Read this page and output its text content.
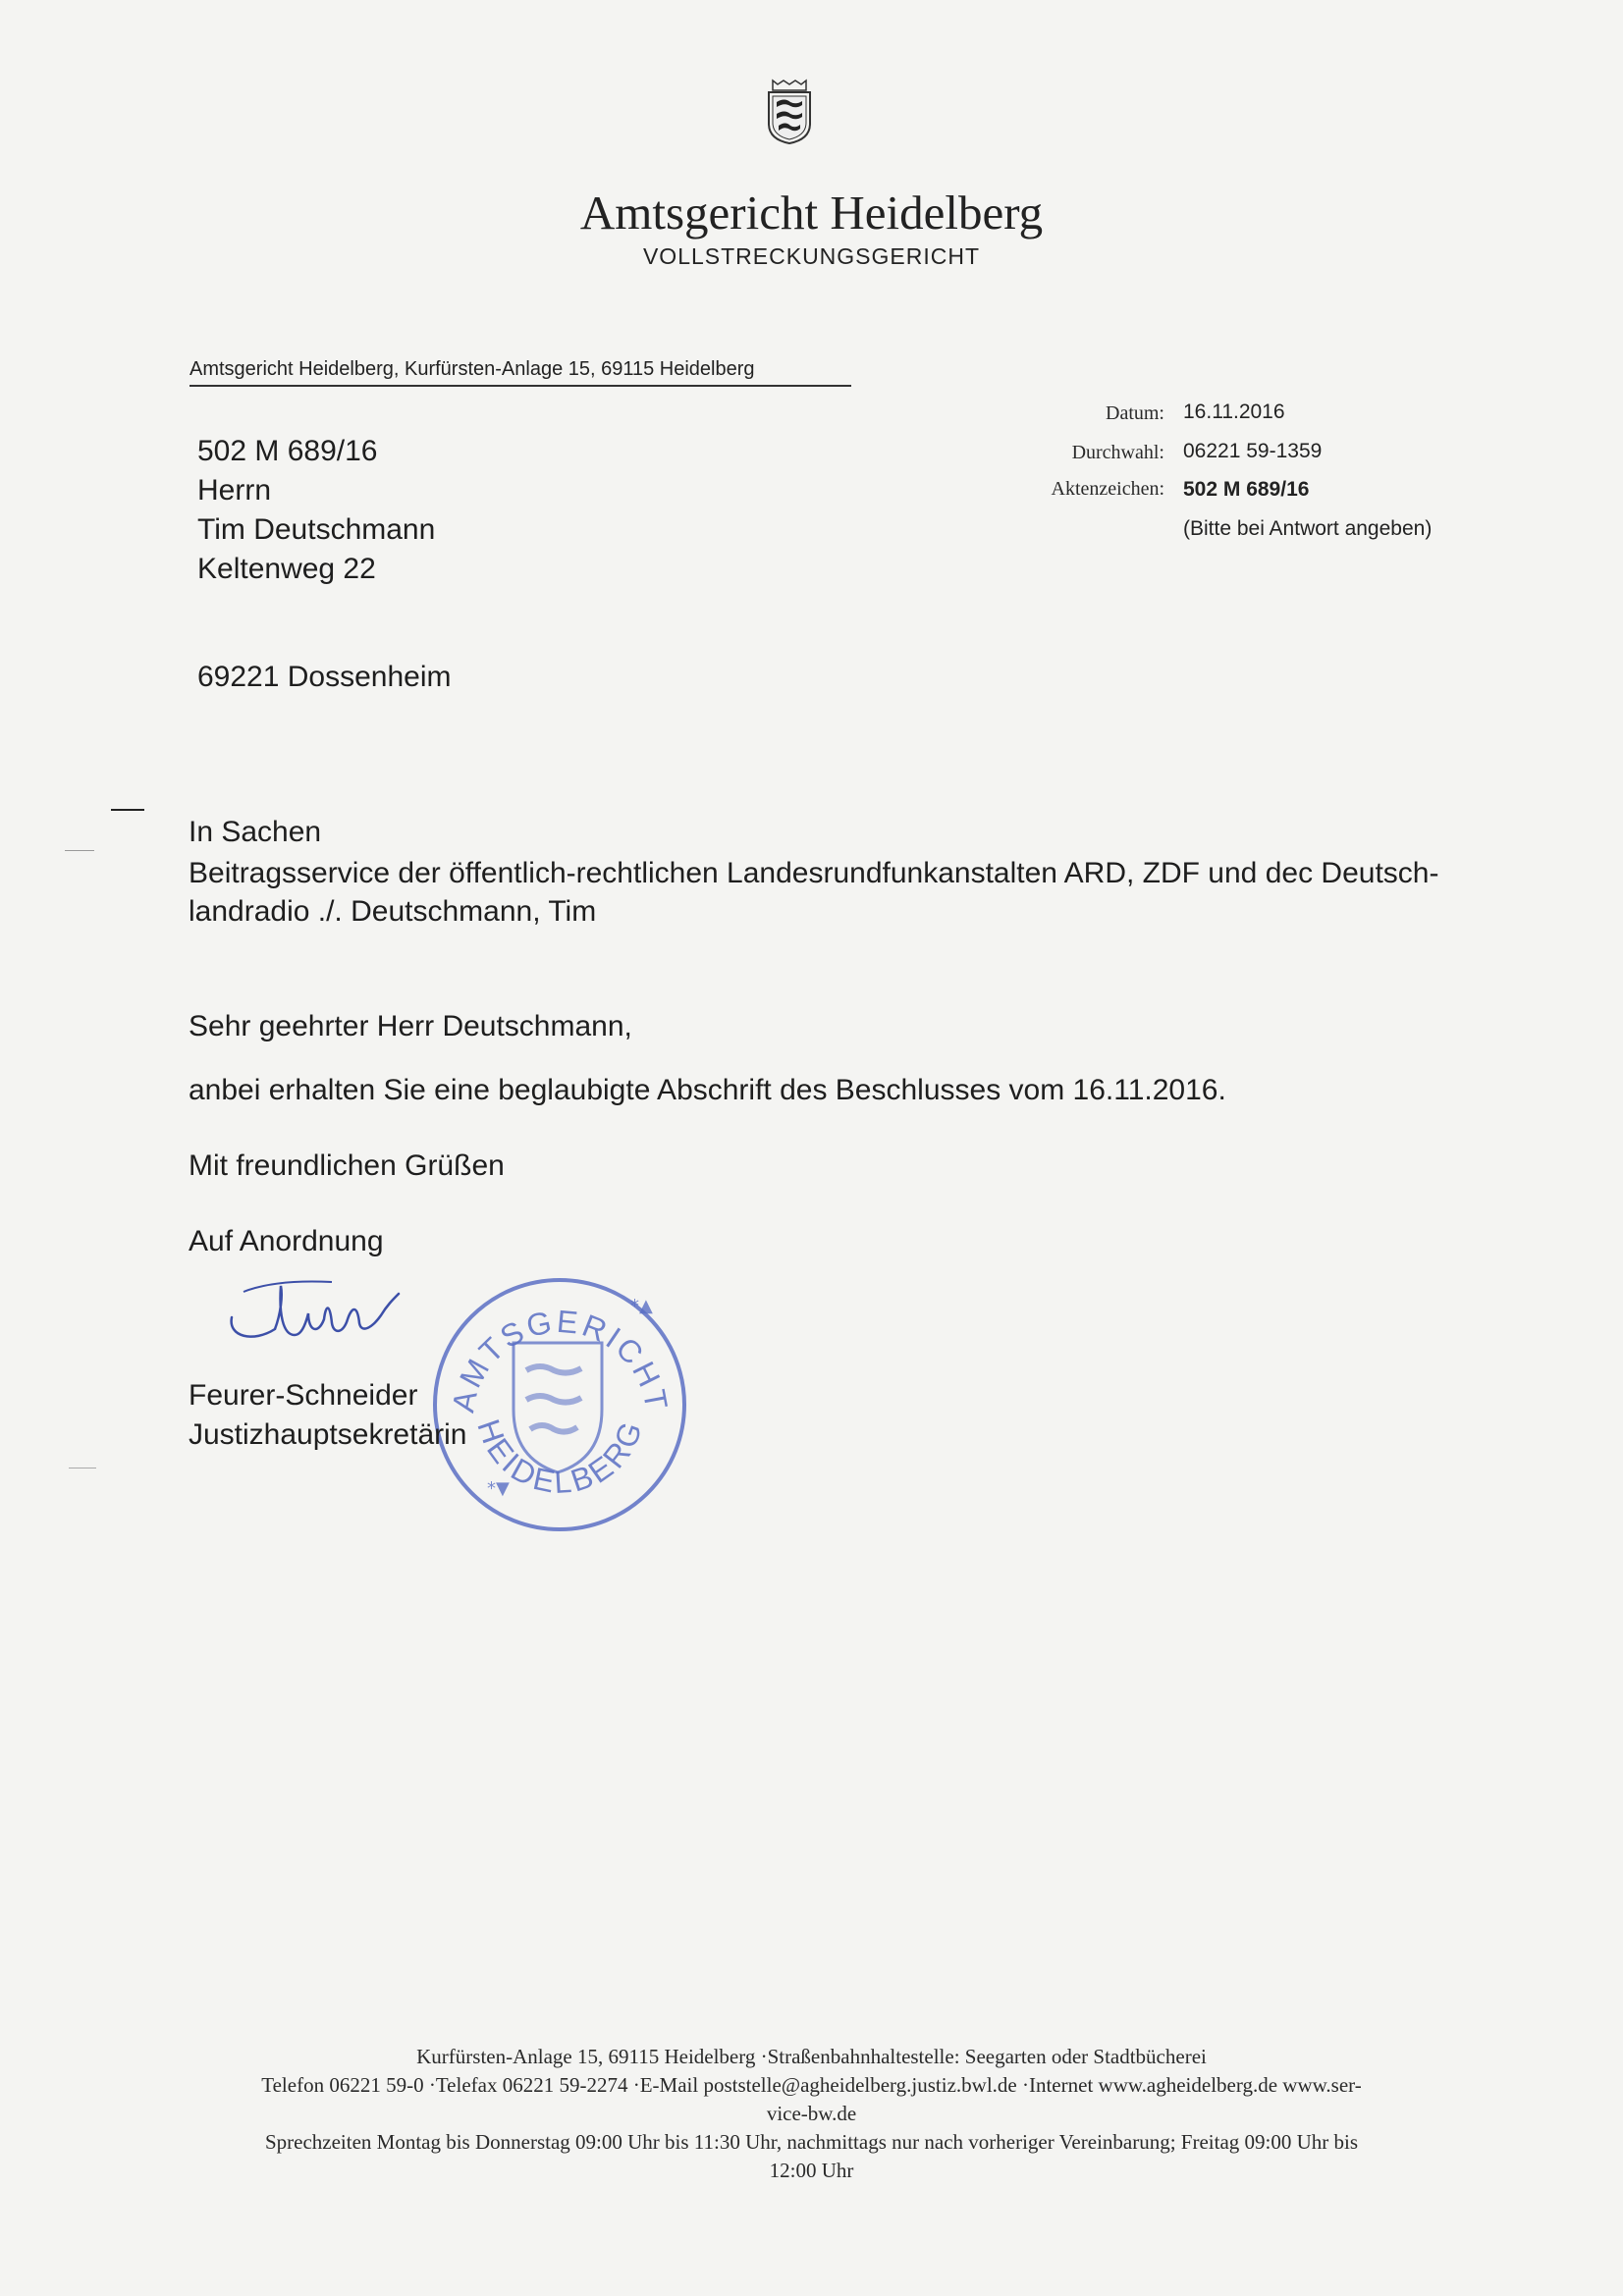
Amtsgericht Heidelberg
VOLLSTRECKUNGSGERICHT
Amtsgericht Heidelberg, Kurfürsten-Anlage 15, 69115 Heidelberg
Datum: 16.11.2016
Durchwahl: 06221 59-1359
Aktenzeichen: 502 M 689/16
(Bitte bei Antwort angeben)
502 M 689/16
Herrn
Tim Deutschmann
Keltenweg 22
69221 Dossenheim
In Sachen
Beitragsservice der öffentlich-rechtlichen Landesrundfunkanstalten ARD, ZDF und dec Deutsch-
landradio ./. Deutschmann, Tim
Sehr geehrter Herr Deutschmann,
anbei erhalten Sie eine beglaubigte Abschrift des Beschlusses vom 16.11.2016.
Mit freundlichen Grüßen
Auf Anordnung
AMTSGERICHT
HEIDELBERG
*▲
*▼
Feurer-Schneider
Justizhauptsekretärin
Kurfürsten-Anlage 15, 69115 Heidelberg ·Straßenbahnhaltestelle: Seegarten oder Stadtbücherei
Telefon 06221 59-0 ·Telefax 06221 59-2274 ·E-Mail poststelle@agheidelberg.justiz.bwl.de ·Internet www.agheidelberg.de www.ser-
vice-bw.de
Sprechzeiten Montag bis Donnerstag 09:00 Uhr bis 11:30 Uhr, nachmittags nur nach vorheriger Vereinbarung; Freitag 09:00 Uhr bis
12:00 Uhr
